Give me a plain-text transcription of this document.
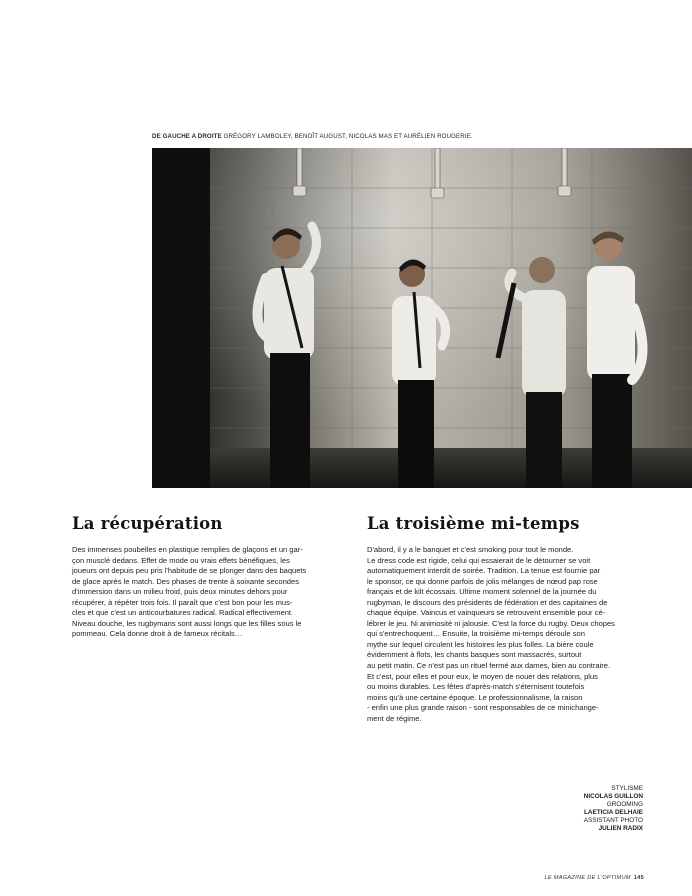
DE GAUCHE A DROITE GRÉGORY LAMBOLEY, BENOÎT AUGUST, NICOLAS MAS ET AURÉLIEN ROUGERIE.
La récupération	La troisième mi-temps
Des immenses poubelles en plastique remplies de glaçons et un gar-
çon musclé dedans. Effet de mode ou vrais effets bénéfiques, les
joueurs ont depuis peu pris l'habitude de se plonger dans des baquets
de glace après le match. Des phases de trente à soixante secondes
d'immersion dans un milieu froid, puis deux minutes dehors pour
récupérer, à répéter trois fois. Il paraît que c'est bon pour les mus-
cles et que c'est un anticourbatures radical. Radical effectivement.
Niveau douche, les rugbymans sont aussi longs que les filles sous le
pommeau. Cela donne droit à de fameux récitals…
D'abord, il y a le banquet et c'est smoking pour tout le monde.
Le dress code est rigide, celui qui essaierait de le détourner se voit
automatiquement interdit de soirée. Tradition. La tenue est fournie par
le sponsor, ce qui donne parfois de jolis mélanges de nœud pap rose
français et de kilt écossais. Ultime moment solennel de la journée du
rugbyman, le discours des présidents de fédération et des capitaines de
chaque équipe. Vaincus et vainqueurs se retrouvent ensemble pour cé-
lébrer le jeu. Ni animosité ni jalousie. C'est la force du rugby. Deux chopes
qui s'entrechoquent… Ensuite, la troisième mi-temps déroule son
mythe sur lequel circulent les histoires les plus folles. La bière coule
évidemment à flots, les chants basques sont massacrés, surtout
au petit matin. Ce n'est pas un rituel fermé aux dames, bien au contraire.
Et c'est, pour elles et pour eux, le moyen de nouer des relations, plus
ou moins durables. Les fêtes d'après-match s'éternisent toutefois
moins qu'à une certaine époque. Le professionnalisme, la raison
- enfin une plus grande raison - sont responsables de ce minichange-
ment de régime.
STYLISME
NICOLAS GUILLON
GROOMING
LAETICIA DELHAIE
ASSISTANT PHOTO
JULIEN RADIX
LE MAGAZINE DE L'OPTIMUM 145
